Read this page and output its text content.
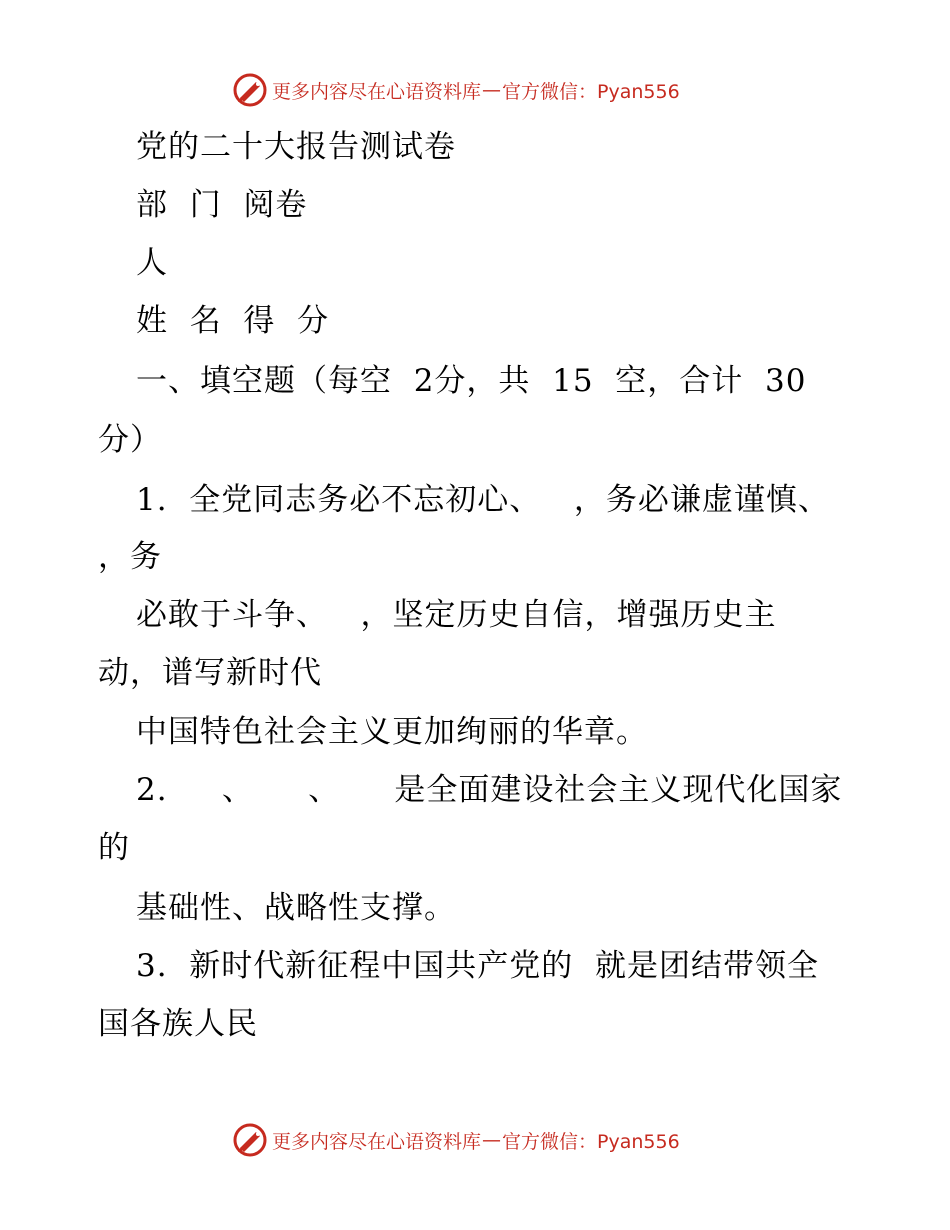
更多内容尽在心语资料库 — 官方微信：Pyan556
党的二十大报告测试卷
部  门  阅卷
人
姓  名  得  分
一、填空题（每空  2分，共  15  空，合计  30
分）
1.  全党同志务必不忘初心、   ，务必谦虚谨慎、
，务
必敢于斗争、   ，坚定历史自信，增强历史主
动，谱写新时代
中国特色社会主义更加绚丽的华章。
2.     、     、     是全面建设社会主义现代化国家
的
基础性、战略性支撑。
3.  新时代新征程中国共产党的  就是团结带领全
国各族人民
更多内容尽在心语资料库 — 官方微信：Pyan556
